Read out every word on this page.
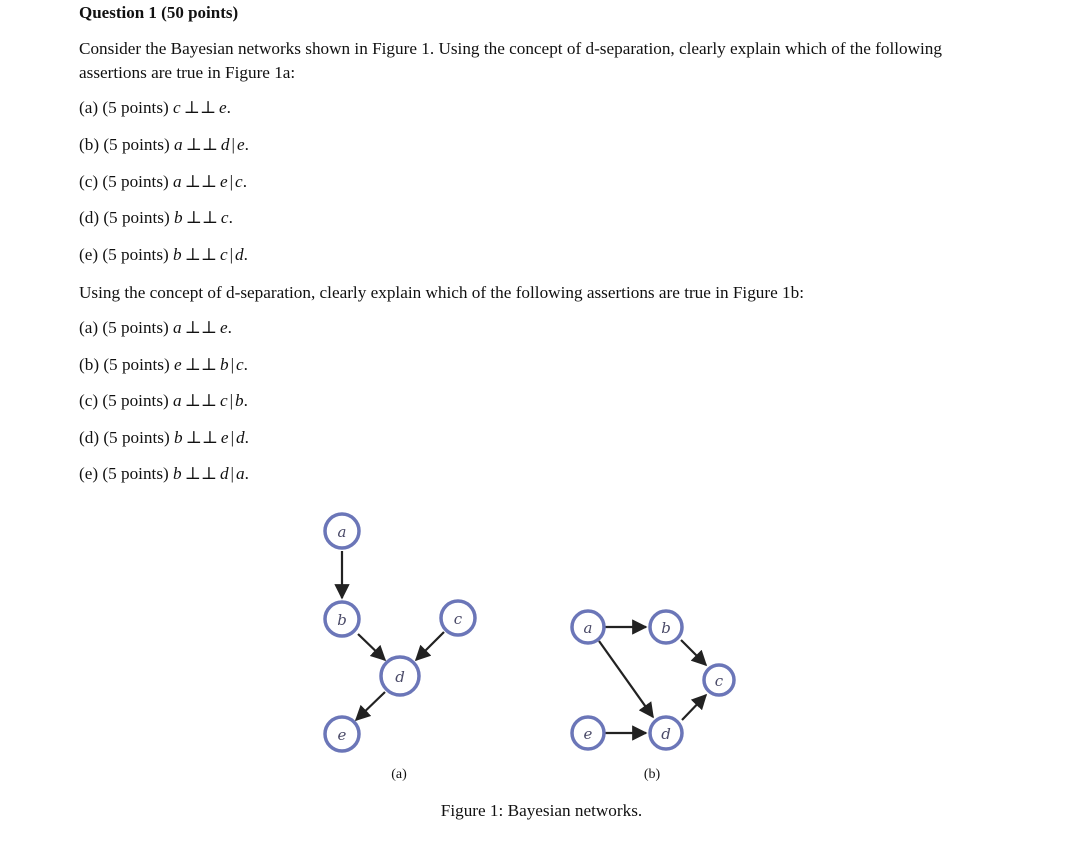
Question 1 (50 points)
Consider the Bayesian networks shown in Figure 1. Using the concept of d-separation, clearly explain which of the following assertions are true in Figure 1a:
(a) (5 points) c ⊥⊥ e.
(b) (5 points) a ⊥⊥ d | e.
(c) (5 points) a ⊥⊥ e | c.
(d) (5 points) b ⊥⊥ c.
(e) (5 points) b ⊥⊥ c | d.
Using the concept of d-separation, clearly explain which of the following assertions are true in Figure 1b:
(a) (5 points) a ⊥⊥ e.
(b) (5 points) e ⊥⊥ b | c.
(c) (5 points) a ⊥⊥ c | b.
(d) (5 points) b ⊥⊥ e | d.
(e) (5 points) b ⊥⊥ d | a.
a
b	c
d
e
(a)
a	b
c
d
e
(b)
Figure 1: Bayesian networks.
